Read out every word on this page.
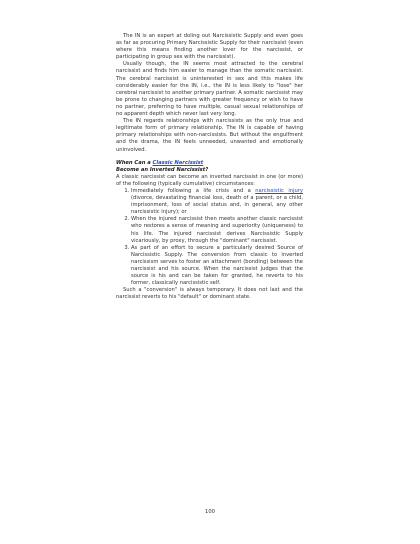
The IN is an expert at doling out Narcissistic Supply and even goes as far as procuring Primary Narcissistic Supply for their narcissist (even where this means finding another lover for the narcissist, or participating in group sex with the narcissist).

Usually though, the IN seems most attracted to the cerebral narcissist and finds him easier to manage than the somatic narcissist. The cerebral narcissist is uninterested in sex and this makes life considerably easier for the IN, i.e., the IN is less likely to "lose" her cerebral narcissist to another primary partner. A somatic narcissist may be prone to changing partners with greater frequency or wish to have no partner, preferring to have multiple, casual sexual relationships of no apparent depth which never last very long.

The IN regards relationships with narcissists as the only true and legitimate form of primary relationship. The IN is capable of having primary relationships with non-narcissists. But without the engulfment and the drama, the IN feels unneeded, unwanted and emotionally uninvolved.

When Can a Classic Narcissist
Become an Inverted Narcissist?

A classic narcissist can become an inverted narcissist in one (or more) of the following (typically cumulative) circumstances:

1. Immediately following a life crisis and a narcissistic injury (divorce, devastating financial loss, death of a parent, or a child, imprisonment, loss of social status and, in general, any other narcissistic injury); or
2. When the injured narcissist then meets another classic narcissist who restores a sense of meaning and superiority (uniqueness) to his life. The injured narcissist derives Narcissistic Supply vicariously, by proxy, through the "dominant" narcissist.
3. As part of an effort to secure a particularly desired Source of Narcissistic Supply. The conversion from classic to inverted narcissism serves to foster an attachment (bonding) between the narcissist and his source. When the narcissist judges that the source is his and can be taken for granted, he reverts to his former, classically narcissistic self.

Such a "conversion" is always temporary. It does not last and the narcissist reverts to his "default" or dominant state.

100
